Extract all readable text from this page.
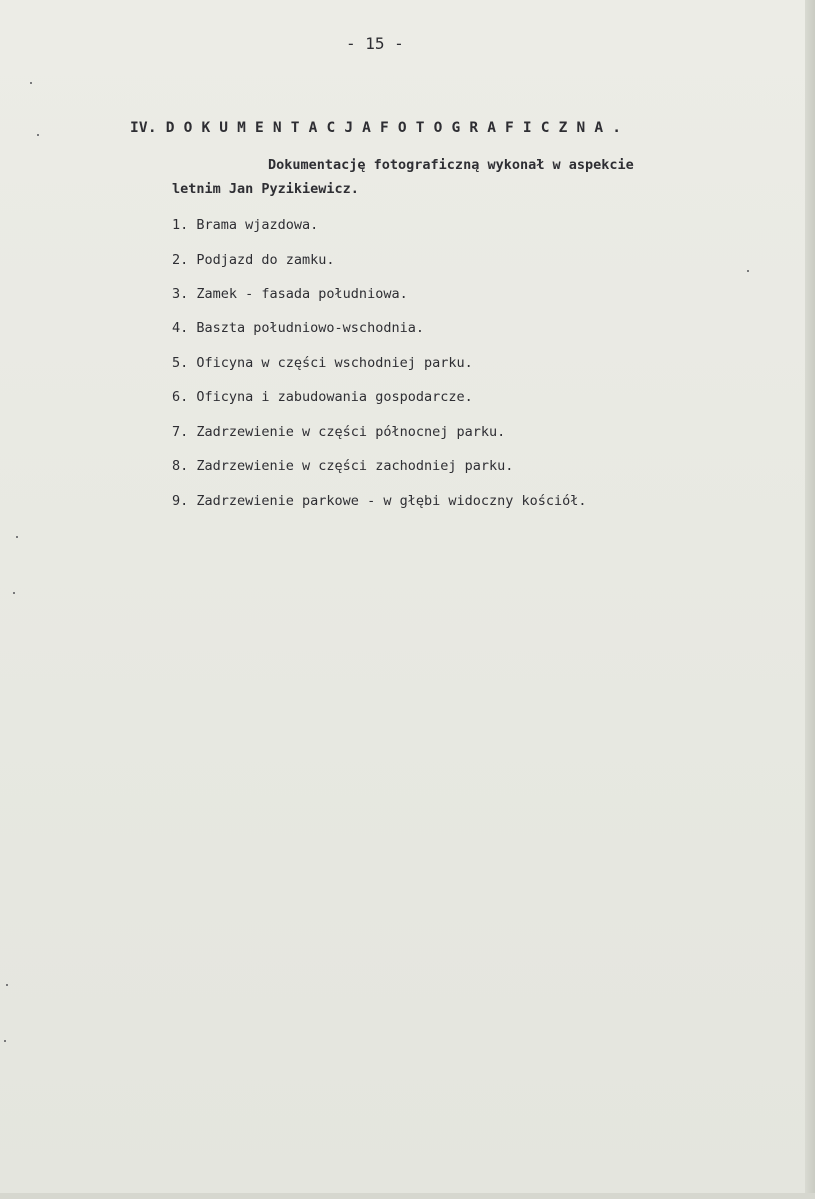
- 15 -
IV. D O K U M E N T A C J A F O T O G R A F I C Z N A .
Dokumentację fotograficzną wykonał w aspekcie
letnim Jan Pyzikiewicz.
1. Brama wjazdowa.
2. Podjazd do zamku.
3. Zamek - fasada południowa.
4. Baszta południowo-wschodnia.
5. Oficyna w części wschodniej parku.
6. Oficyna i zabudowania gospodarcze.
7. Zadrzewienie w części północnej parku.
8. Zadrzewienie w części zachodniej parku.
9. Zadrzewienie parkowe - w głębi widoczny kościół.
